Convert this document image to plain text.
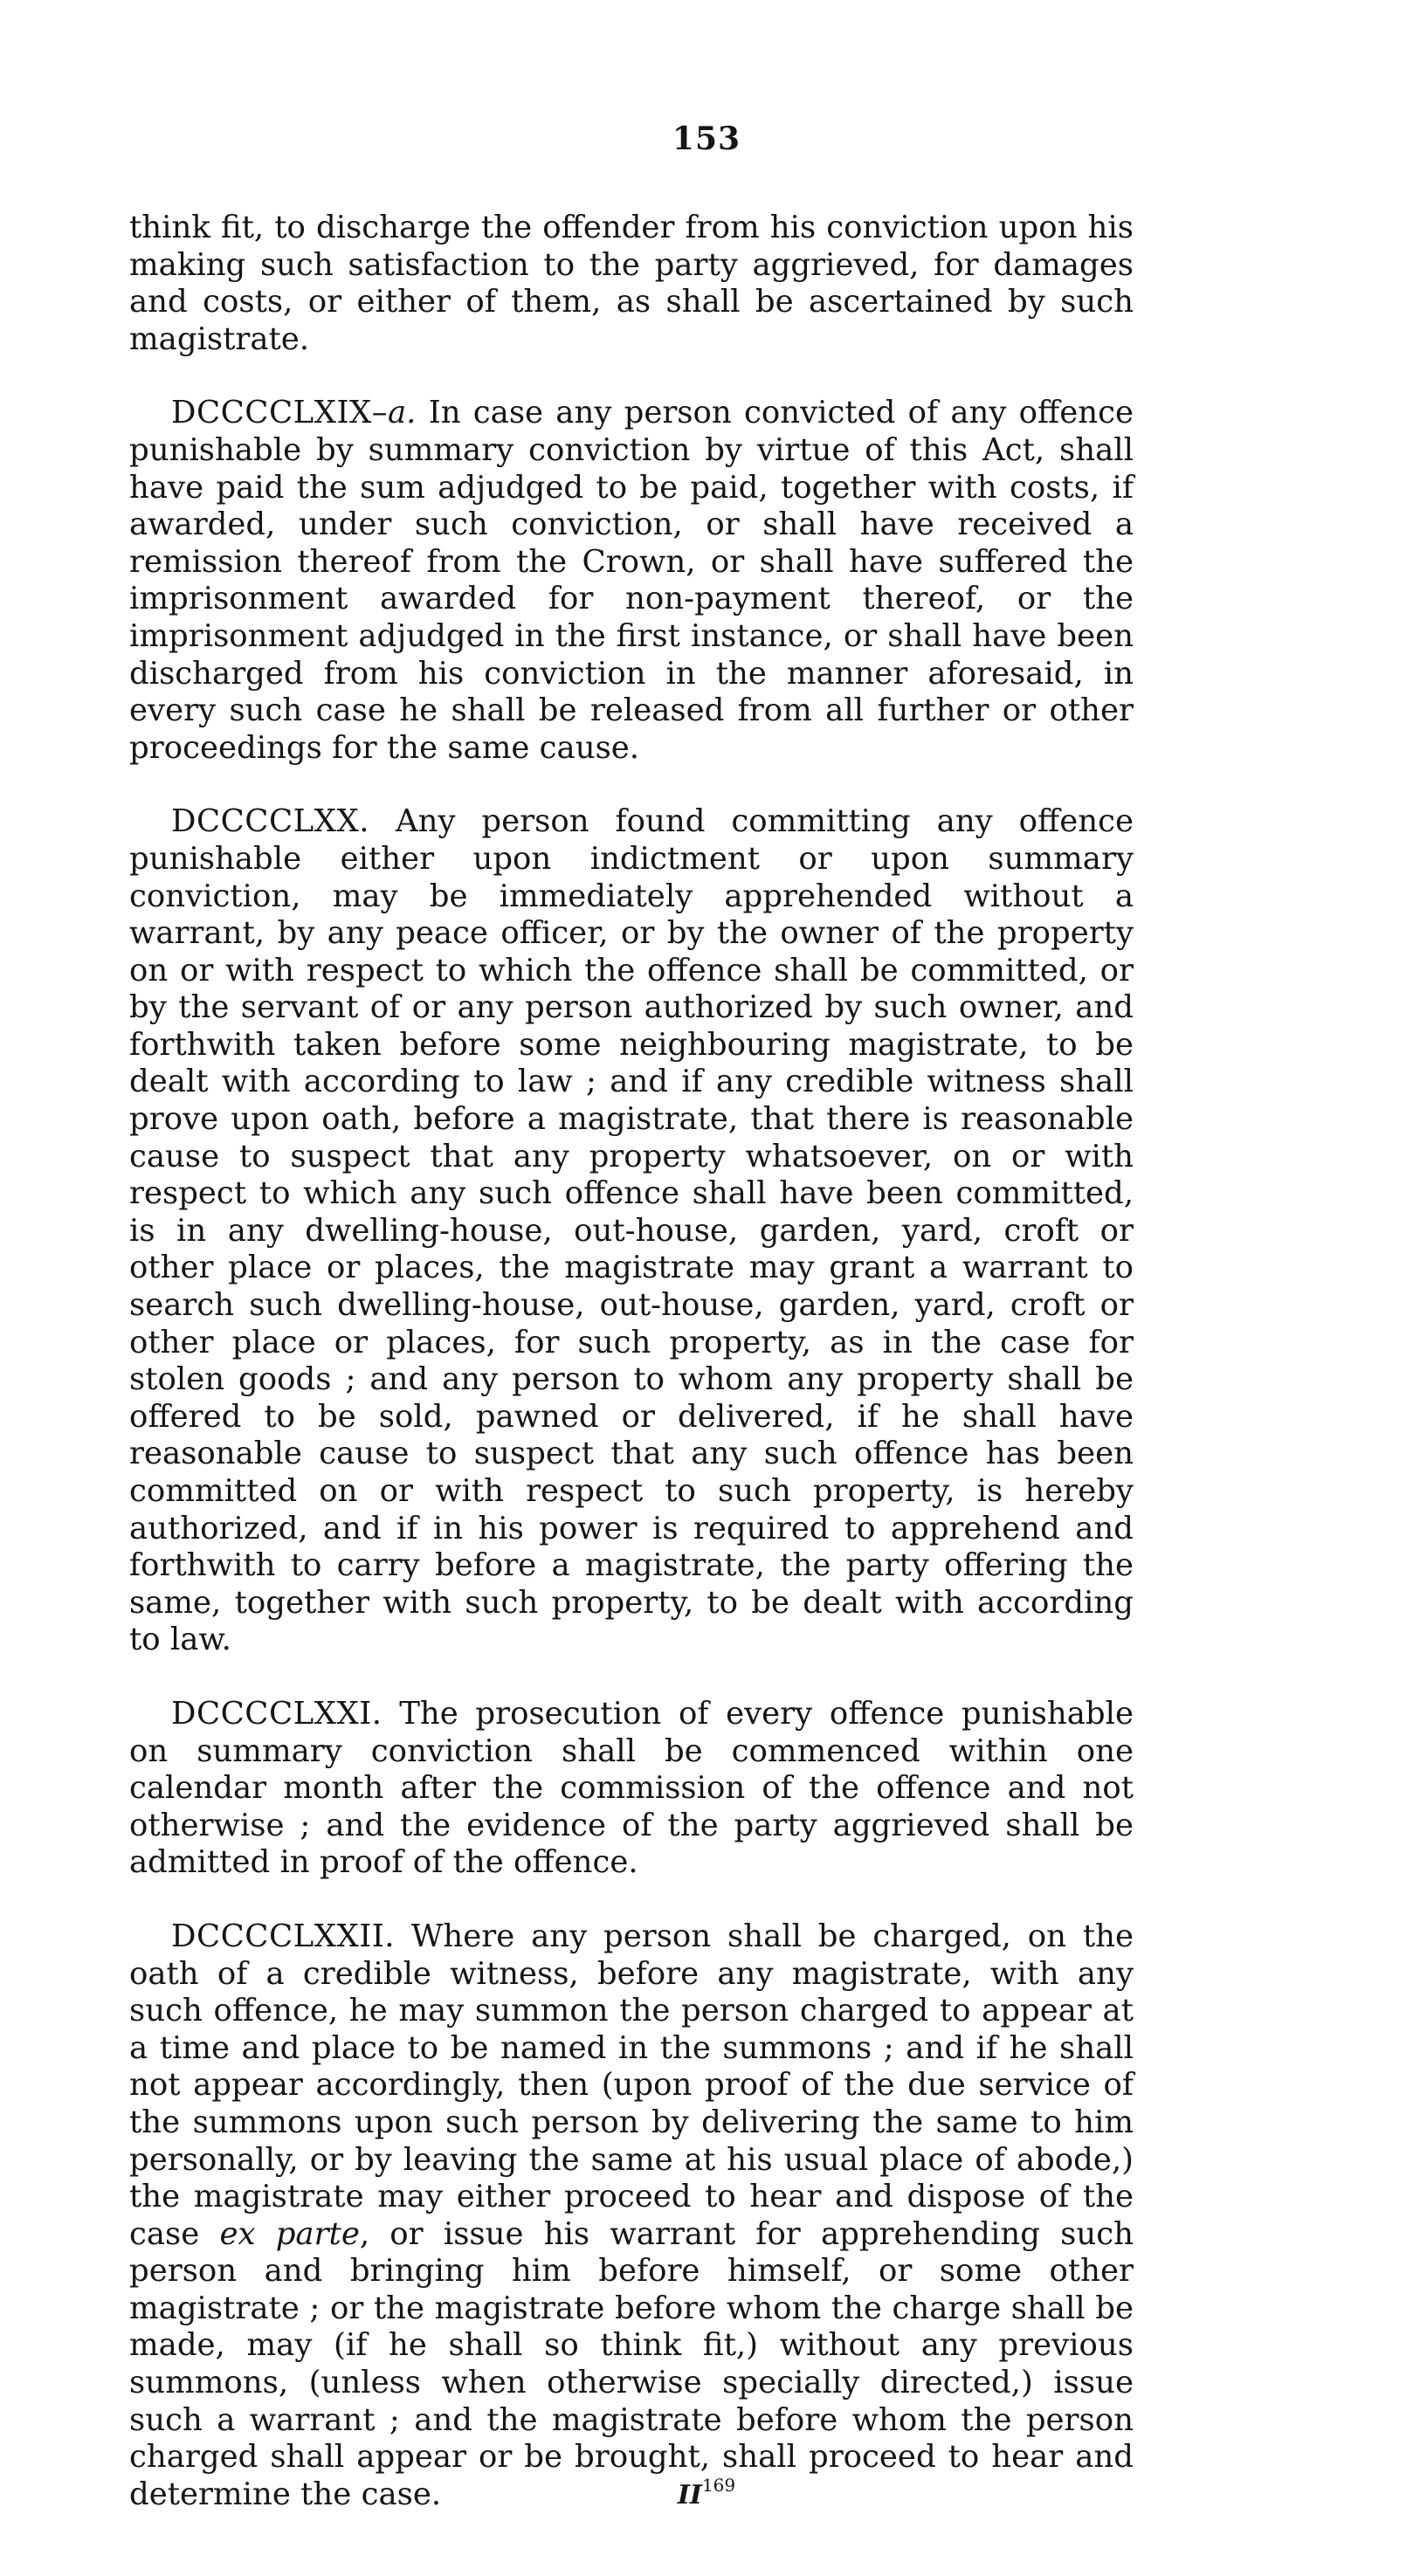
153

think fit, to discharge the offender from his conviction upon his making such satisfaction to the party aggrieved, for damages and costs, or either of them, as shall be ascertained by such magistrate.

DCCCCLXIX–a. In case any person convicted of any offence punishable by summary conviction by virtue of this Act, shall have paid the sum adjudged to be paid, together with costs, if awarded, under such conviction, or shall have received a remission thereof from the Crown, or shall have suffered the imprisonment awarded for non-payment thereof, or the imprisonment adjudged in the first instance, or shall have been discharged from his conviction in the manner aforesaid, in every such case he shall be released from all further or other proceedings for the same cause.

DCCCCLXX. Any person found committing any offence punishable either upon indictment or upon summary conviction, may be immediately apprehended without a warrant, by any peace officer, or by the owner of the property on or with respect to which the offence shall be committed, or by the servant of or any person authorized by such owner, and forthwith taken before some neighbouring magistrate, to be dealt with according to law ; and if any credible witness shall prove upon oath, before a magistrate, that there is reasonable cause to suspect that any property whatsoever, on or with respect to which any such offence shall have been committed, is in any dwelling-house, out-house, garden, yard, croft or other place or places, the magistrate may grant a warrant to search such dwelling-house, out-house, garden, yard, croft or other place or places, for such property, as in the case for stolen goods ; and any person to whom any property shall be offered to be sold, pawned or delivered, if he shall have reasonable cause to suspect that any such offence has been committed on or with respect to such property, is hereby authorized, and if in his power is required to apprehend and forthwith to carry before a magistrate, the party offering the same, together with such property, to be dealt with according to law.

DCCCCLXXI. The prosecution of every offence punishable on summary conviction shall be commenced within one calendar month after the commission of the offence and not otherwise ; and the evidence of the party aggrieved shall be admitted in proof of the offence.

DCCCCLXXII. Where any person shall be charged, on the oath of a credible witness, before any magistrate, with any such offence, he may summon the person charged to appear at a time and place to be named in the summons ; and if he shall not appear accordingly, then (upon proof of the due service of the summons upon such person by delivering the same to him personally, or by leaving the same at his usual place of abode,) the magistrate may either proceed to hear and dispose of the case ex parte, or issue his warrant for apprehending such person and bringing him before himself, or some other magistrate ; or the magistrate before whom the charge shall be made, may (if he shall so think fit,) without any previous summons, (unless when otherwise specially directed,) issue such a warrant ; and the magistrate before whom the person charged shall appear or be brought, shall proceed to hear and determine the case.	II$^{169}$
